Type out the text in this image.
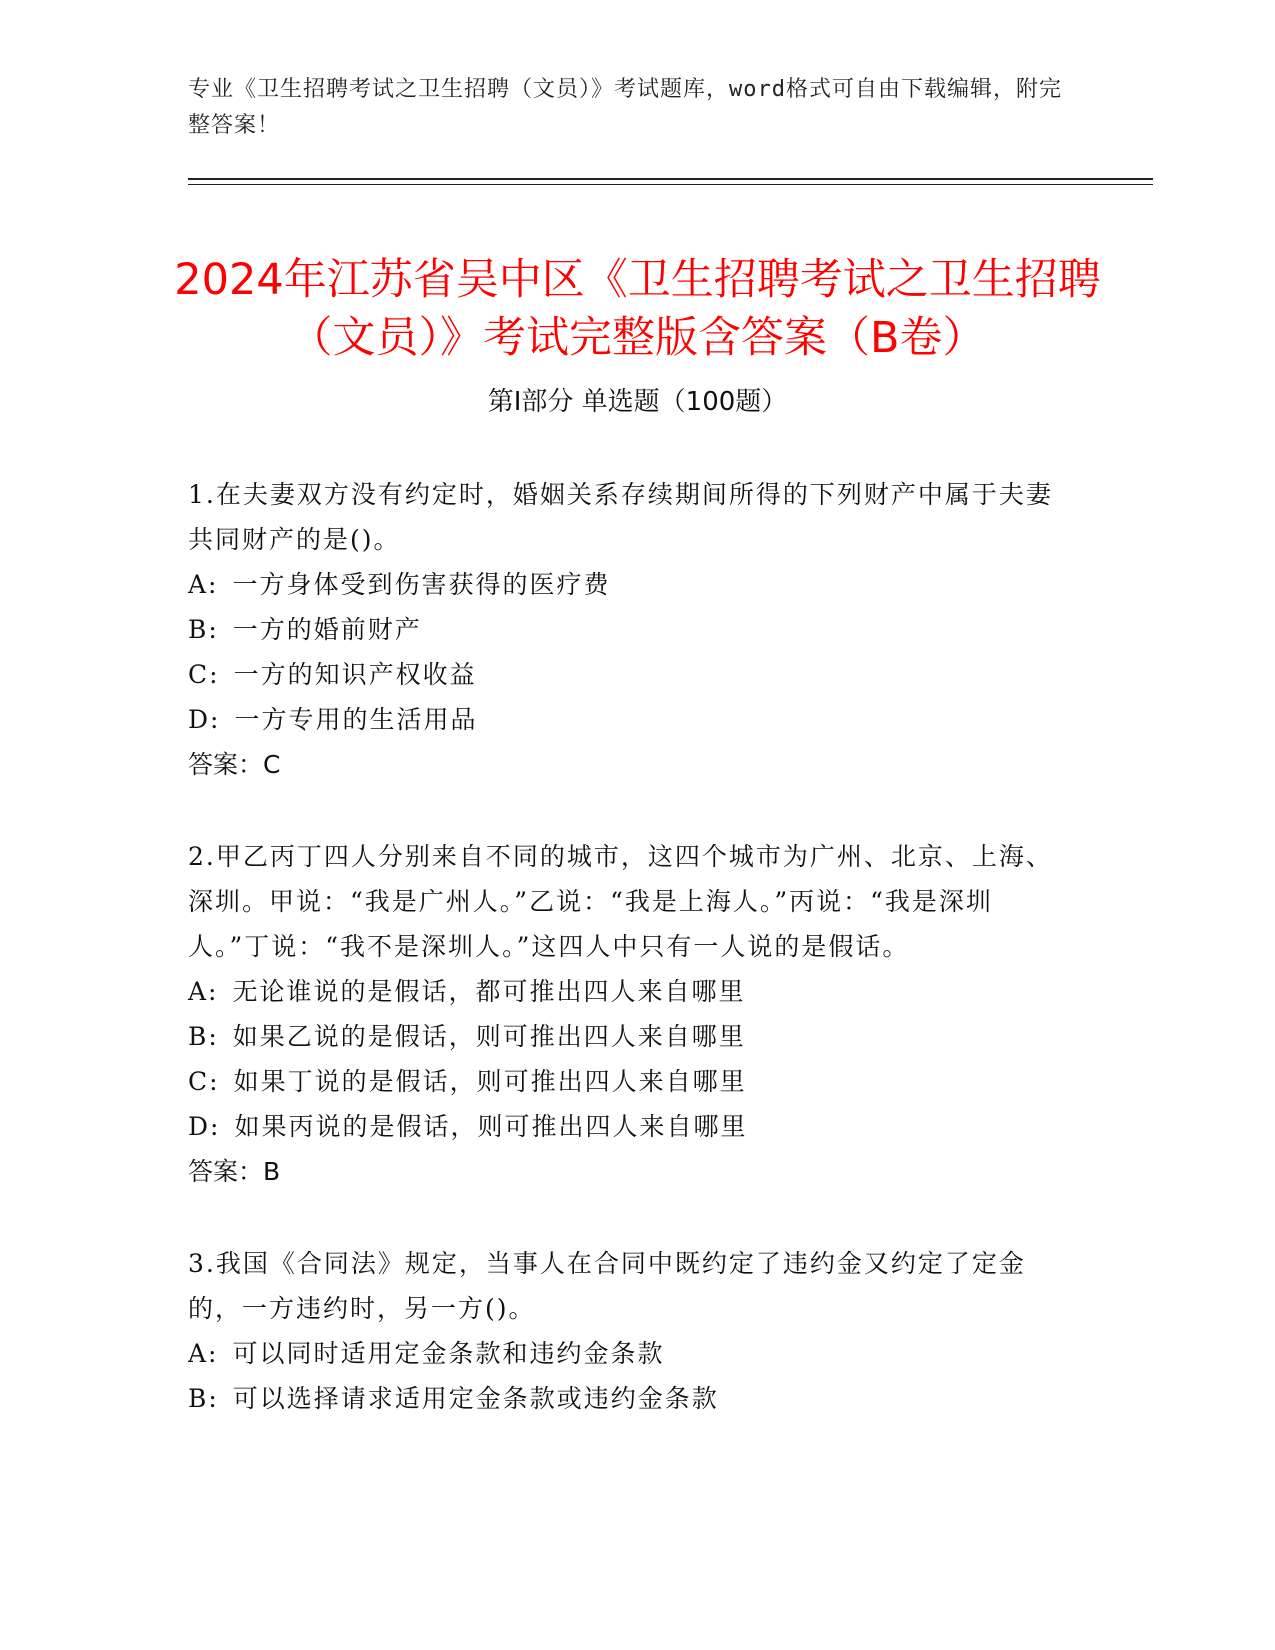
专业《卫生招聘考试之卫生招聘（文员）》考试题库，word格式可自由下载编辑，附完整答案！
2024年江苏省吴中区《卫生招聘考试之卫生招聘（文员）》考试完整版含答案（B卷）
第Ⅰ部分 单选题（100题）
1.在夫妻双方没有约定时，婚姻关系存续期间所得的下列财产中属于夫妻共同财产的是()。
A: 一方身体受到伤害获得的医疗费
B: 一方的婚前财产
C: 一方的知识产权收益
D: 一方专用的生活用品
答案：C
2.甲乙丙丁四人分别来自不同的城市，这四个城市为广州、北京、上海、深圳。甲说：“我是广州人。”乙说：“我是上海人。”丙说：“我是深圳人。”丁说：“我不是深圳人。”这四人中只有一人说的是假话。
A: 无论谁说的是假话，都可推出四人来自哪里
B: 如果乙说的是假话，则可推出四人来自哪里
C: 如果丁说的是假话，则可推出四人来自哪里
D: 如果丙说的是假话，则可推出四人来自哪里
答案：B
3.我国《合同法》规定，当事人在合同中既约定了违约金又约定了定金的，一方违约时，另一方()。
A: 可以同时适用定金条款和违约金条款
B: 可以选择请求适用定金条款或违约金条款
